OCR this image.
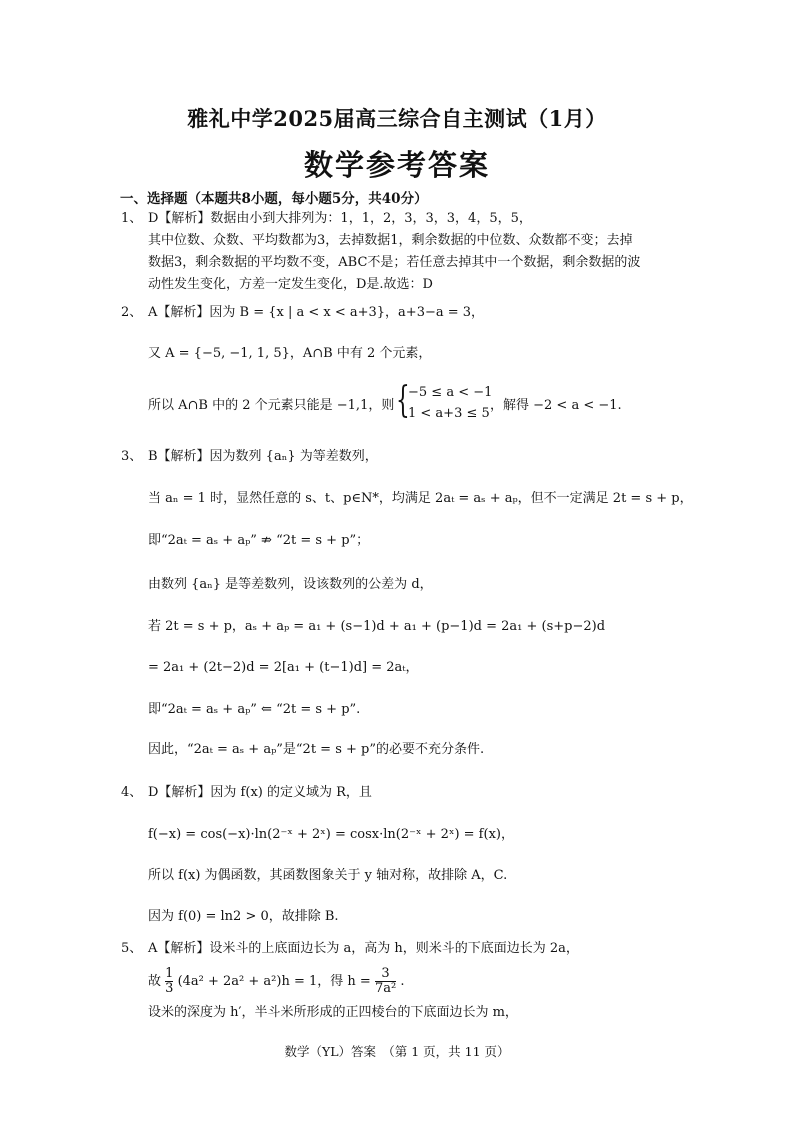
雅礼中学2025届高三综合自主测试（1月）
数学参考答案
一、选择题（本题共8小题，每小题5分，共40分）
1、 D【解析】数据由小到大排列为：1，1，2，3，3，3，4，5，5，
其中位数、众数、平均数都为3，去掉数据1，剩余数据的中位数、众数都不变；去掉
数据3，剩余数据的平均数不变，ABC不是；若任意去掉其中一个数据，剩余数据的波
动性发生变化，方差一定发生变化，D是.故选：D
2、 A【解析】因为 B = {x | a < x < a+3}，a+3−a = 3，
又 A = {−5, −1, 1, 5}，A∩B 中有 2 个元素，
所以 A∩B 中的 2 个元素只能是 −1,1，则 {
−5 ≤ a < −1
1 < a+3 ≤ 5
，解得 −2 < a < −1.
3、 B【解析】因为数列 {aₙ} 为等差数列，
当 aₙ = 1 时，显然任意的 s、t、p∈N*，均满足 2aₜ = aₛ + aₚ，但不一定满足 2t = s + p，
即“2aₜ = aₛ + aₚ” ⇏ “2t = s + p”；
由数列 {aₙ} 是等差数列，设该数列的公差为 d，
若 2t = s + p，aₛ + aₚ = a₁ + (s−1)d + a₁ + (p−1)d = 2a₁ + (s+p−2)d
= 2a₁ + (2t−2)d = 2[a₁ + (t−1)d] = 2aₜ，
即“2aₜ = aₛ + aₚ” ⇐ “2t = s + p”.
因此，“2aₜ = aₛ + aₚ”是“2t = s + p”的必要不充分条件.
4、 D【解析】因为 f(x) 的定义域为 R，且
f(−x) = cos(−x)·ln(2⁻ˣ + 2ˣ) = cosx·ln(2⁻ˣ + 2ˣ) = f(x)，
所以 f(x) 为偶函数，其函数图象关于 y 轴对称，故排除 A，C.
因为 f(0) = ln2 > 0，故排除 B.
5、 A【解析】设米斗的上底面边长为 a，高为 h，则米斗的下底面边长为 2a，
故 $\frac{1}{3} (4a^2 + 2a^2 + a^2)h = 1$，得 $h = \frac{3}{\text{7a²}}$ .
设米的深度为 h′，半斗米所形成的正四棱台的下底面边长为 m，
数学（YL）答案　（第 1 页，共 11 页）
